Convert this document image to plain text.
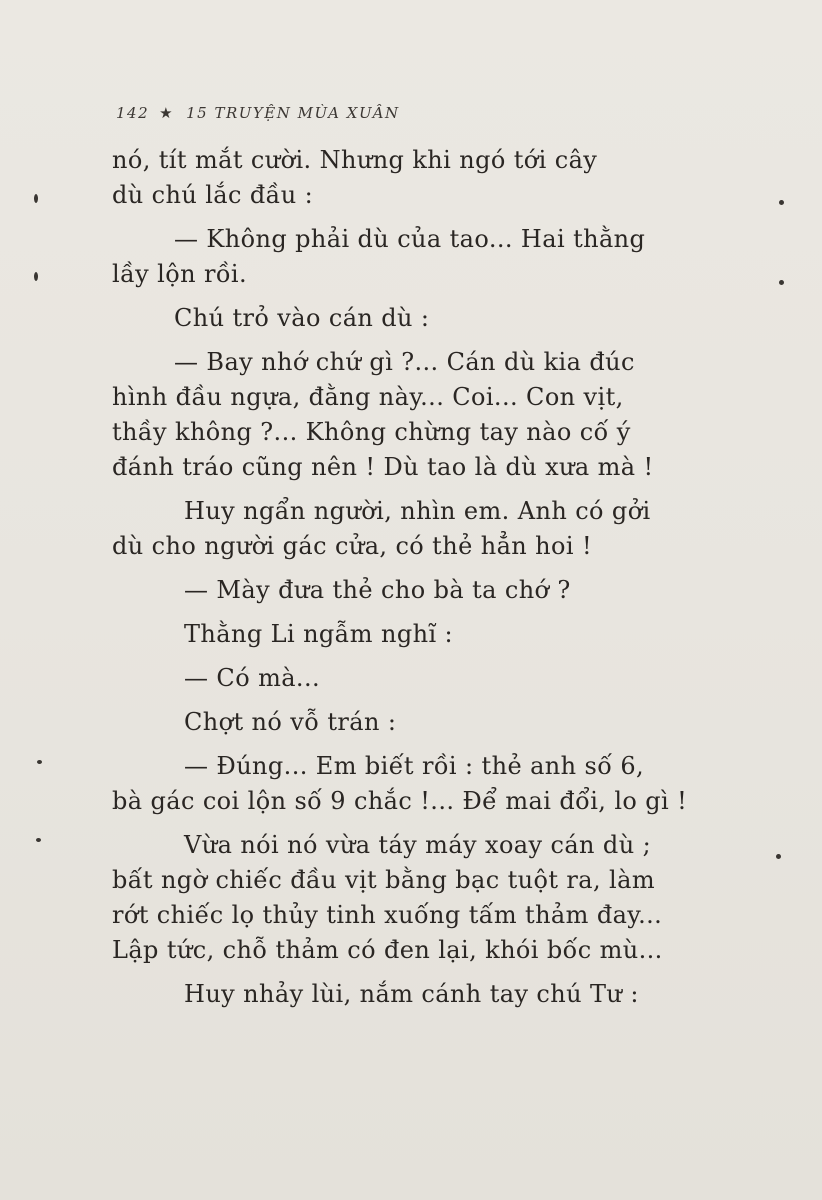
142 ★ 15 TRUYỆN MÙA XUÂN

nó, tít mắt cười. Nhưng khi ngó tới cây
dù chú lắc đầu :

— Không phải dù của tao... Hai thằng
lầy lộn rồi.

Chú trỏ vào cán dù :

— Bay nhớ chứ gì ?... Cán dù kia đúc
hình đầu ngựa, đằng này... Coi... Con vịt,
thầy không ?... Không chừng tay nào cố ý
đánh tráo cũng nên ! Dù tao là dù xưa mà !

Huy ngẩn người, nhìn em. Anh có gởi
dù cho người gác cửa, có thẻ hẳn hoi !

— Mày đưa thẻ cho bà ta chớ ?

Thằng Li ngẫm nghĩ :

— Có mà...

Chợt nó vỗ trán :

— Đúng... Em biết rồi : thẻ anh số 6,
bà gác coi lộn số 9 chắc !... Để mai đổi, lo gì !

Vừa nói nó vừa táy máy xoay cán dù ;
bất ngờ chiếc đầu vịt bằng bạc tuột ra, làm
rớt chiếc lọ thủy tinh xuống tấm thảm đay...
Lập tức, chỗ thảm có đen lại, khói bốc mù...

Huy nhảy lùi, nắm cánh tay chú Tư :
